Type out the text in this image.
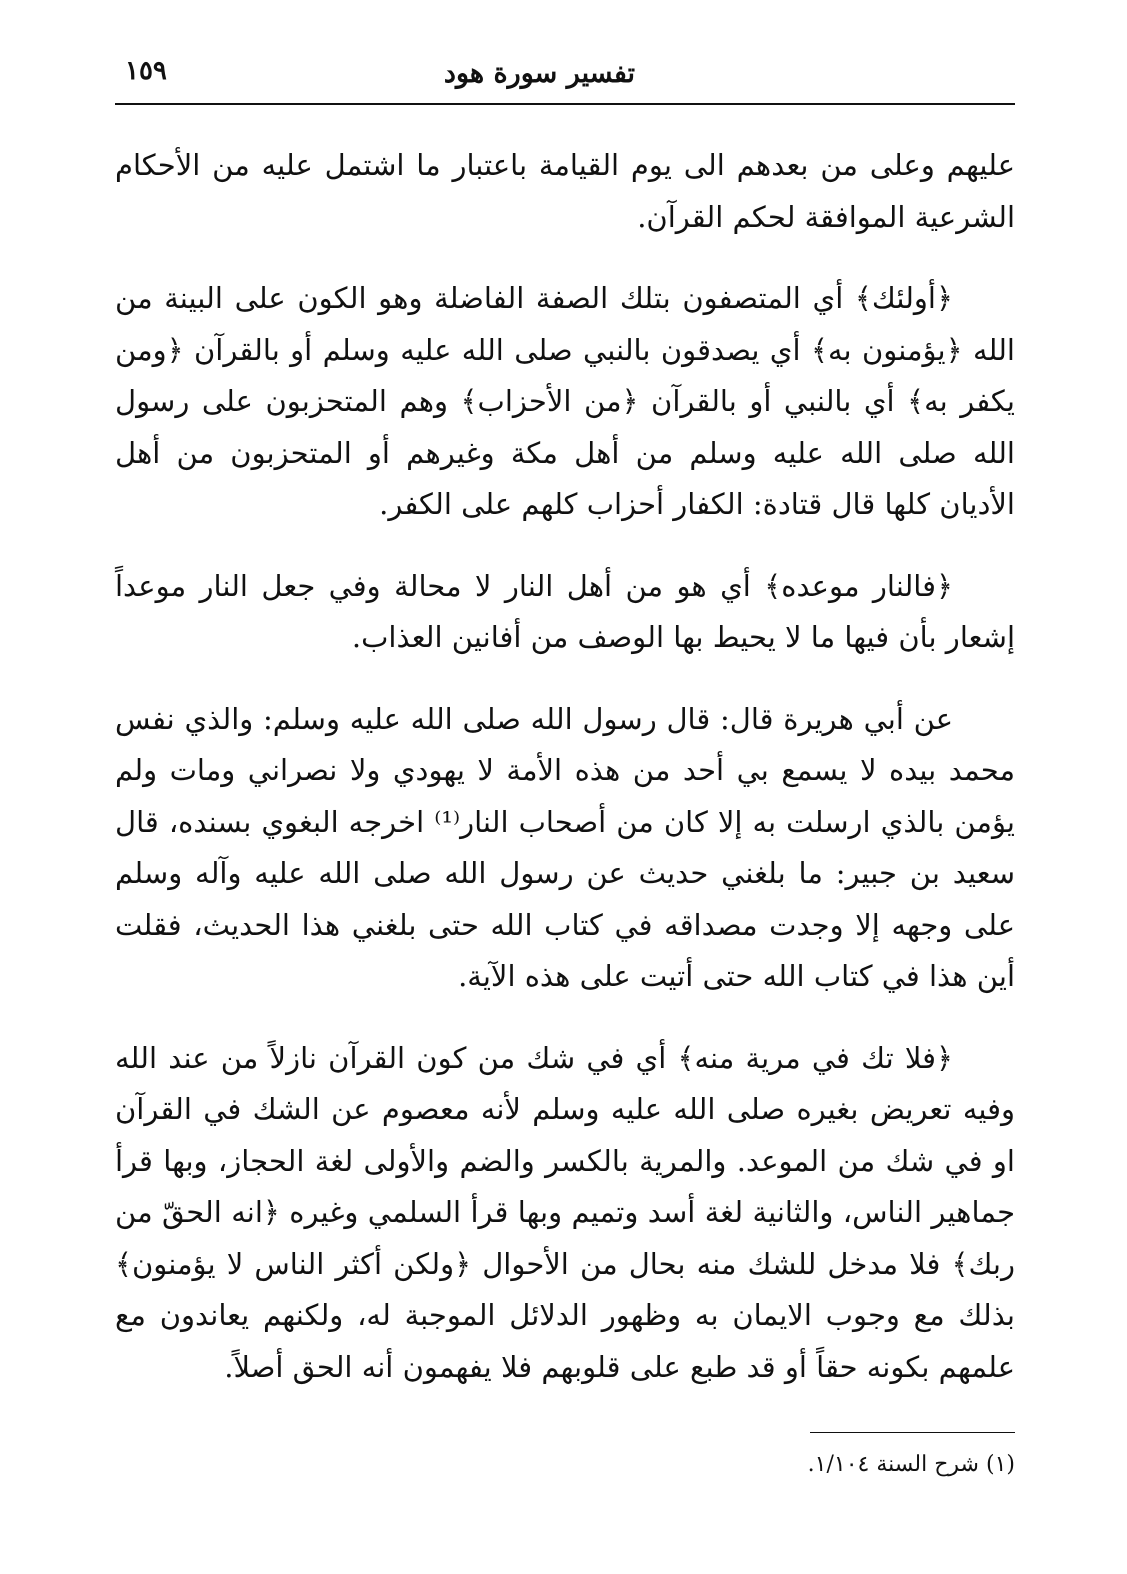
تفسير سورة هود
١٥٩

عليهم وعلى من بعدهم الى يوم القيامة باعتبار ما اشتمل عليه من الأحكام الشرعية الموافقة لحكم القرآن.

﴿أولئك﴾ أي المتصفون بتلك الصفة الفاضلة وهو الكون على البينة من الله ﴿يؤمنون به﴾ أي يصدقون بالنبي صلى الله عليه وسلم أو بالقرآن ﴿ومن يكفر به﴾ أي بالنبي أو بالقرآن ﴿من الأحزاب﴾ وهم المتحزبون على رسول الله صلى الله عليه وسلم من أهل مكة وغيرهم أو المتحزبون من أهل الأديان كلها قال قتادة: الكفار أحزاب كلهم على الكفر.

﴿فالنار موعده﴾ أي هو من أهل النار لا محالة وفي جعل النار موعداً إشعار بأن فيها ما لا يحيط بها الوصف من أفانين العذاب.

عن أبي هريرة قال: قال رسول الله صلى الله عليه وسلم: والذي نفس محمد بيده لا يسمع بي أحد من هذه الأمة لا يهودي ولا نصراني ومات ولم يؤمن بالذي ارسلت به إلا كان من أصحاب النار⁽¹⁾ اخرجه البغوي بسنده، قال سعيد بن جبير: ما بلغني حديث عن رسول الله صلى الله عليه وآله وسلم على وجهه إلا وجدت مصداقه في كتاب الله حتى بلغني هذا الحديث، فقلت أين هذا في كتاب الله حتى أتيت على هذه الآية.

﴿فلا تك في مرية منه﴾ أي في شك من كون القرآن نازلاً من عند الله وفيه تعريض بغيره صلى الله عليه وسلم لأنه معصوم عن الشك في القرآن او في شك من الموعد. والمرية بالكسر والضم والأولى لغة الحجاز، وبها قرأ جماهير الناس، والثانية لغة أسد وتميم وبها قرأ السلمي وغيره ﴿انه الحقّ من ربك﴾ فلا مدخل للشك منه بحال من الأحوال ﴿ولكن أكثر الناس لا يؤمنون﴾ بذلك مع وجوب الايمان به وظهور الدلائل الموجبة له، ولكنهم يعاندون مع علمهم بكونه حقاً أو قد طبع على قلوبهم فلا يفهمون أنه الحق أصلاً.

(١) شرح السنة ١/١٠٤.
